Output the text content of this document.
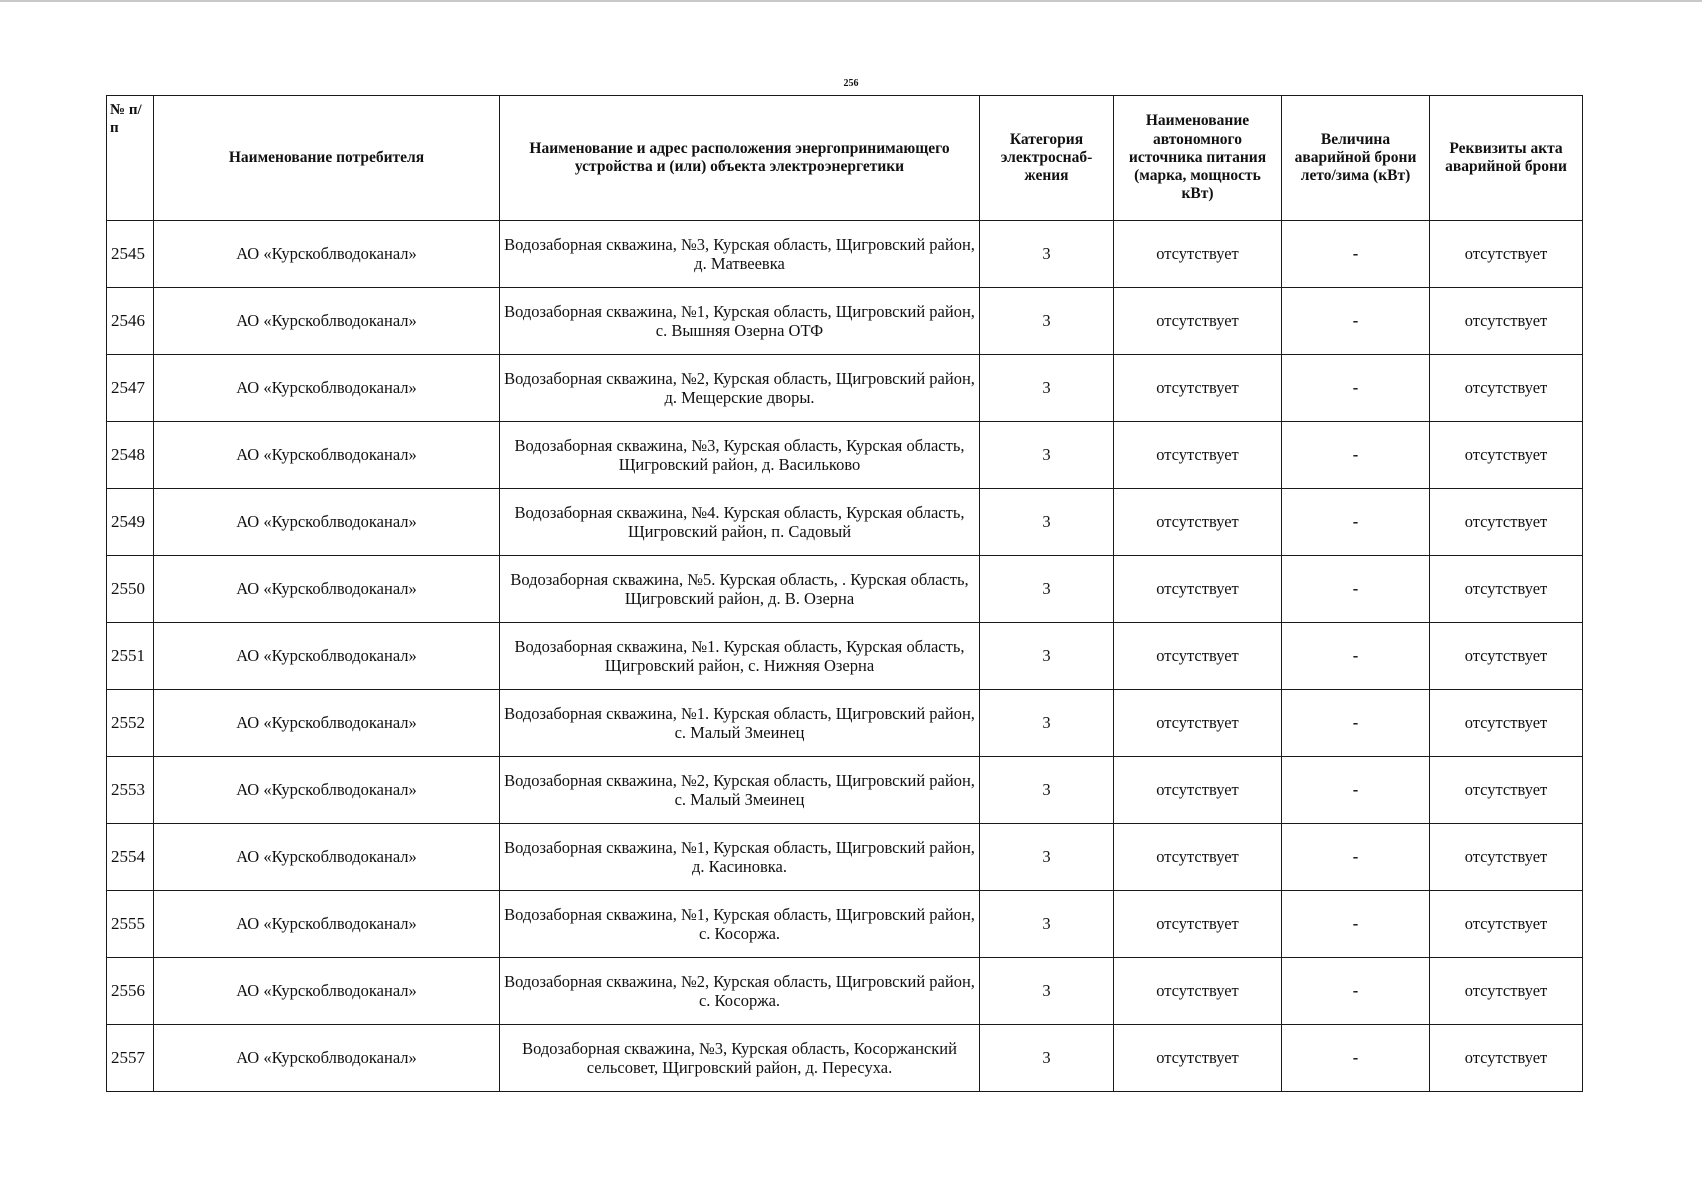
256
№ п/п	Наименование потребителя	Наименование и адрес расположения энергопринимающего устройства и (или) объекта электроэнергетики	Категория электроснаб-жения	Наименование автономного источника питания (марка, мощность кВт)	Величина аварийной брони лето/зима (кВт)	Реквизиты акта аварийной брони
2545	АО «Курскоблводоканал»	Водозаборная скважина, №3, Курская область, Щигровский район, д. Матвеевка	3	отсутствует	-	отсутствует
2546	АО «Курскоблводоканал»	Водозаборная скважина, №1, Курская область, Щигровский район, с. Вышняя Озерна ОТФ	3	отсутствует	-	отсутствует
2547	АО «Курскоблводоканал»	Водозаборная скважина, №2, Курская область, Щигровский район, д. Мещерские дворы.	3	отсутствует	-	отсутствует
2548	АО «Курскоблводоканал»	Водозаборная скважина, №3, Курская область, Курская область, Щигровский район, д. Васильково	3	отсутствует	-	отсутствует
2549	АО «Курскоблводоканал»	Водозаборная скважина, №4. Курская область, Курская область, Щигровский район, п. Садовый	3	отсутствует	-	отсутствует
2550	АО «Курскоблводоканал»	Водозаборная скважина, №5. Курская область, . Курская область, Щигровский район, д. В. Озерна	3	отсутствует	-	отсутствует
2551	АО «Курскоблводоканал»	Водозаборная скважина, №1. Курская область, Курская область, Щигровский район, с. Нижняя Озерна	3	отсутствует	-	отсутствует
2552	АО «Курскоблводоканал»	Водозаборная скважина, №1. Курская область, Щигровский район, с. Малый Змеинец	3	отсутствует	-	отсутствует
2553	АО «Курскоблводоканал»	Водозаборная скважина, №2, Курская область, Щигровский район, с. Малый Змеинец	3	отсутствует	-	отсутствует
2554	АО «Курскоблводоканал»	Водозаборная скважина, №1, Курская область, Щигровский район, д. Касиновка.	3	отсутствует	-	отсутствует
2555	АО «Курскоблводоканал»	Водозаборная скважина, №1, Курская область, Щигровский район, с. Косоржа.	3	отсутствует	-	отсутствует
2556	АО «Курскоблводоканал»	Водозаборная скважина, №2, Курская область, Щигровский район, с. Косоржа.	3	отсутствует	-	отсутствует
2557	АО «Курскоблводоканал»	Водозаборная скважина, №3, Курская область, Косоржанский сельсовет, Щигровский район, д. Пересуха.	3	отсутствует	-	отсутствует
